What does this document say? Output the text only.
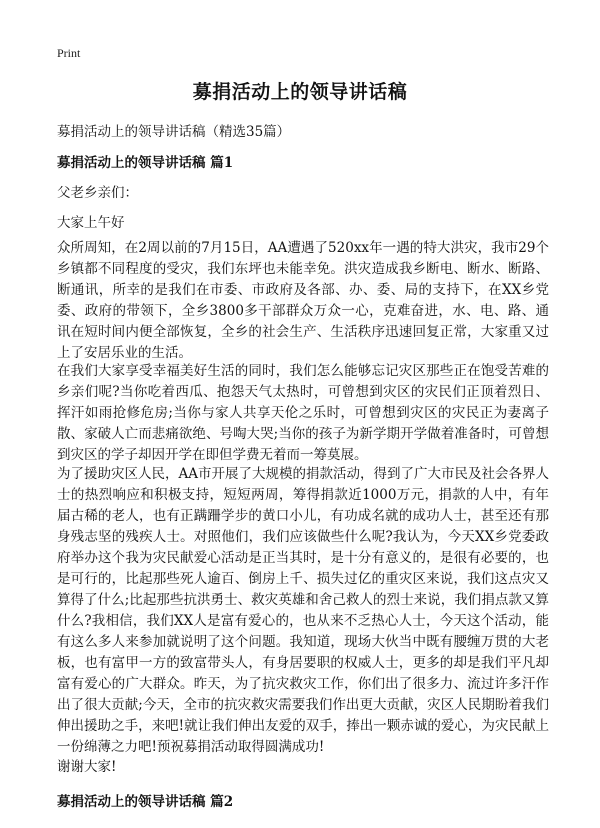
Print
募捐活动上的领导讲话稿
募捐活动上的领导讲话稿（精选35篇）
募捐活动上的领导讲话稿 篇1
父老乡亲们：
大家上午好
众所周知，在2周以前的7月15日，AA遭遇了520xx年一遇的特大洪灾，我市29个乡镇都不同程度的受灾，我们东坪也未能幸免。洪灾造成我乡断电、断水、断路、断通讯，所幸的是我们在市委、市政府及各部、办、委、局的支持下，在XX乡党委、政府的带领下，全乡3800多干部群众万众一心，克难奋进，水、电、路、通讯在短时间内便全部恢复，全乡的社会生产、生活秩序迅速回复正常，大家重又过上了安居乐业的生活。
在我们大家享受幸福美好生活的同时，我们怎么能够忘记灾区那些正在饱受苦难的乡亲们呢?当你吃着西瓜、抱怨天气太热时，可曾想到灾区的灾民们正顶着烈日、挥汗如雨抢修危房;当你与家人共享天伦之乐时，可曾想到灾区的灾民正为妻离子散、家破人亡而悲痛欲绝、号啕大哭;当你的孩子为新学期开学做着准备时，可曾想到灾区的学子却因开学在即但学费无着而一筹莫展。
为了援助灾区人民，AA市开展了大规模的捐款活动，得到了广大市民及社会各界人士的热烈响应和积极支持，短短两周，筹得捐款近1000万元，捐款的人中，有年届古稀的老人，也有正蹒跚学步的黄口小儿，有功成名就的成功人士，甚至还有那身残志坚的残疾人士。对照他们，我们应该做些什么呢?我认为，今天XX乡党委政府举办这个我为灾民献爱心活动是正当其时，是十分有意义的，是很有必要的，也是可行的，比起那些死人逾百、倒房上千、损失过亿的重灾区来说，我们这点灾又算得了什么;比起那些抗洪勇士、救灾英雄和舍己救人的烈士来说，我们捐点款又算什么?我相信，我们XX人是富有爱心的，也从来不乏热心人士，今天这个活动，能有这么多人来参加就说明了这个问题。我知道，现场大伙当中既有腰缠万贯的大老板，也有富甲一方的致富带头人，有身居要职的权威人士，更多的却是我们平凡却富有爱心的广大群众。昨天，为了抗灾救灾工作，你们出了很多力、流过许多汗作出了很大贡献;今天，全市的抗灾救灾需要我们作出更大贡献，灾区人民期盼着我们伸出援助之手，来吧!就让我们伸出友爱的双手，捧出一颗赤诚的爱心，为灾民献上一份绵薄之力吧!预祝募捐活动取得圆满成功!
谢谢大家!
募捐活动上的领导讲话稿 篇2
